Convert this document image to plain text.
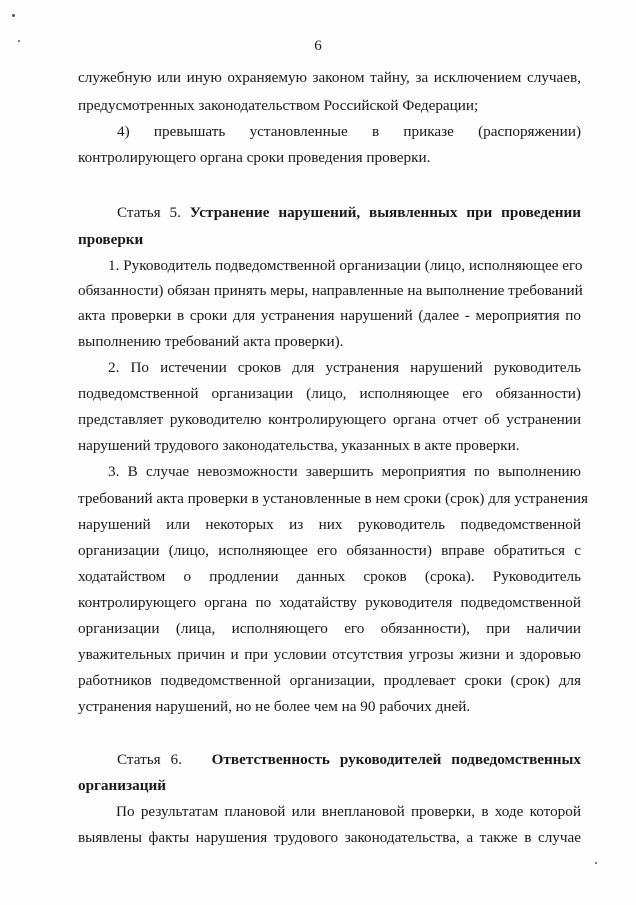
6
служебную или иную охраняемую законом тайну, за исключением случаев,
предусмотренных законодательством Российской Федерации;
4)     превышать     установленные     в     приказе     (распоряжении)
контролирующего органа сроки проведения проверки.
Статья 5. Устранение нарушений, выявленных при проведении
проверки
1. Руководитель подведомственной организации (лицо, исполняющее его
обязанности) обязан принять меры, направленные на выполнение требований
акта проверки в сроки для устранения нарушений (далее - мероприятия по
выполнению требований акта проверки).
2. По истечении сроков для устранения нарушений руководитель
подведомственной организации (лицо, исполняющее его обязанности)
представляет руководителю контролирующего органа отчет об устранении
нарушений трудового законодательства, указанных в акте проверки.
3. В случае невозможности завершить мероприятия по выполнению
требований акта проверки в установленные в нем сроки (срок) для устранения
нарушений или некоторых из них руководитель подведомственной
организации (лицо, исполняющее его обязанности) вправе обратиться с
ходатайством о продлении данных сроков (срока). Руководитель
контролирующего органа по ходатайству руководителя подведомственной
организации (лица, исполняющего его обязанности), при наличии
уважительных причин и при условии отсутствия угрозы жизни и здоровью
работников подведомственной организации, продлевает сроки (срок) для
устранения нарушений, но не более чем на 90 рабочих дней.
Статья 6. Ответственность руководителей подведомственных
организаций
По результатам плановой или внеплановой проверки, в ходе которой
выявлены факты нарушения трудового законодательства, а также в случае
